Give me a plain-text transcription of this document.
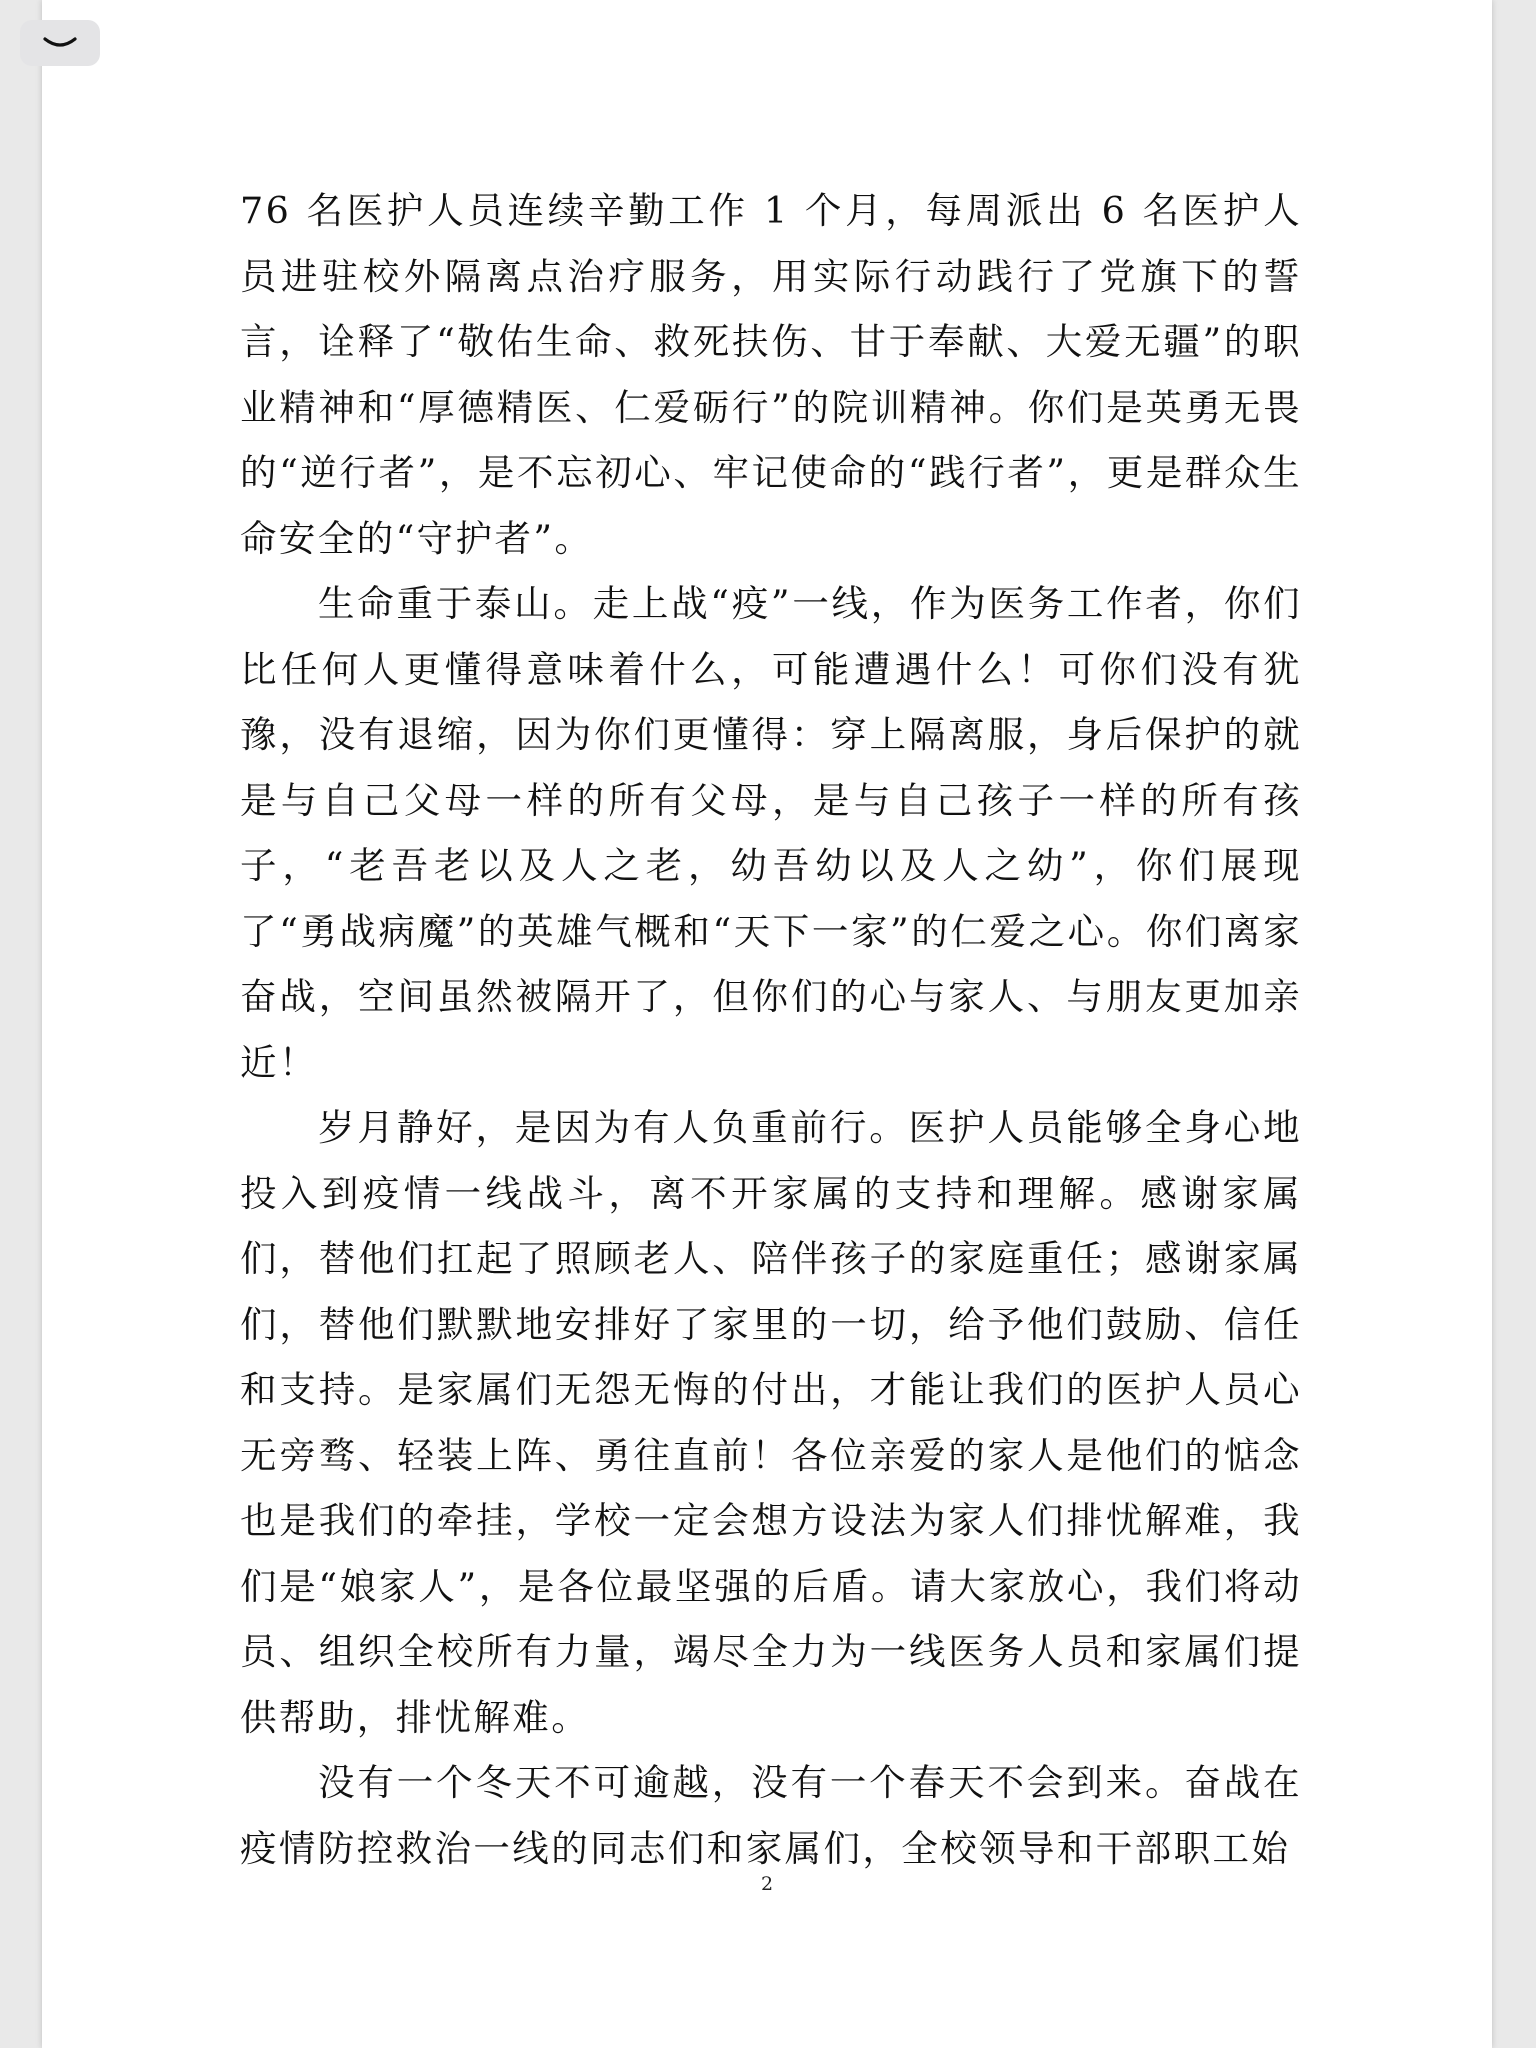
76 名医护人员连续辛勤工作 1 个月，每周派出 6 名医护人员进驻校外隔离点治疗服务，用实际行动践行了党旗下的誓言，诠释了“敬佑生命、救死扶伤、甘于奉献、大爱无疆”的职业精神和“厚德精医、仁爱砺行”的院训精神。你们是英勇无畏的“逆行者”，是不忘初心、牢记使命的“践行者”，更是群众生命安全的“守护者”。

生命重于泰山。走上战“疫”一线，作为医务工作者，你们比任何人更懂得意味着什么，可能遭遇什么！可你们没有犹豫，没有退缩，因为你们更懂得：穿上隔离服，身后保护的就是与自己父母一样的所有父母，是与自己孩子一样的所有孩子，“老吾老以及人之老，幼吾幼以及人之幼”，你们展现了“勇战病魔”的英雄气概和“天下一家”的仁爱之心。你们离家奋战，空间虽然被隔开了，但你们的心与家人、与朋友更加亲近！

岁月静好，是因为有人负重前行。医护人员能够全身心地投入到疫情一线战斗，离不开家属的支持和理解。感谢家属们，替他们扛起了照顾老人、陪伴孩子的家庭重任；感谢家属们，替他们默默地安排好了家里的一切，给予他们鼓励、信任和支持。是家属们无怨无悔的付出，才能让我们的医护人员心无旁骛、轻装上阵、勇往直前！各位亲爱的家人是他们的惦念也是我们的牵挂，学校一定会想方设法为家人们排忧解难，我们是“娘家人”，是各位最坚强的后盾。请大家放心，我们将动员、组织全校所有力量，竭尽全力为一线医务人员和家属们提供帮助，排忧解难。

没有一个冬天不可逾越，没有一个春天不会到来。奋战在疫情防控救治一线的同志们和家属们，全校领导和干部职工始

2
